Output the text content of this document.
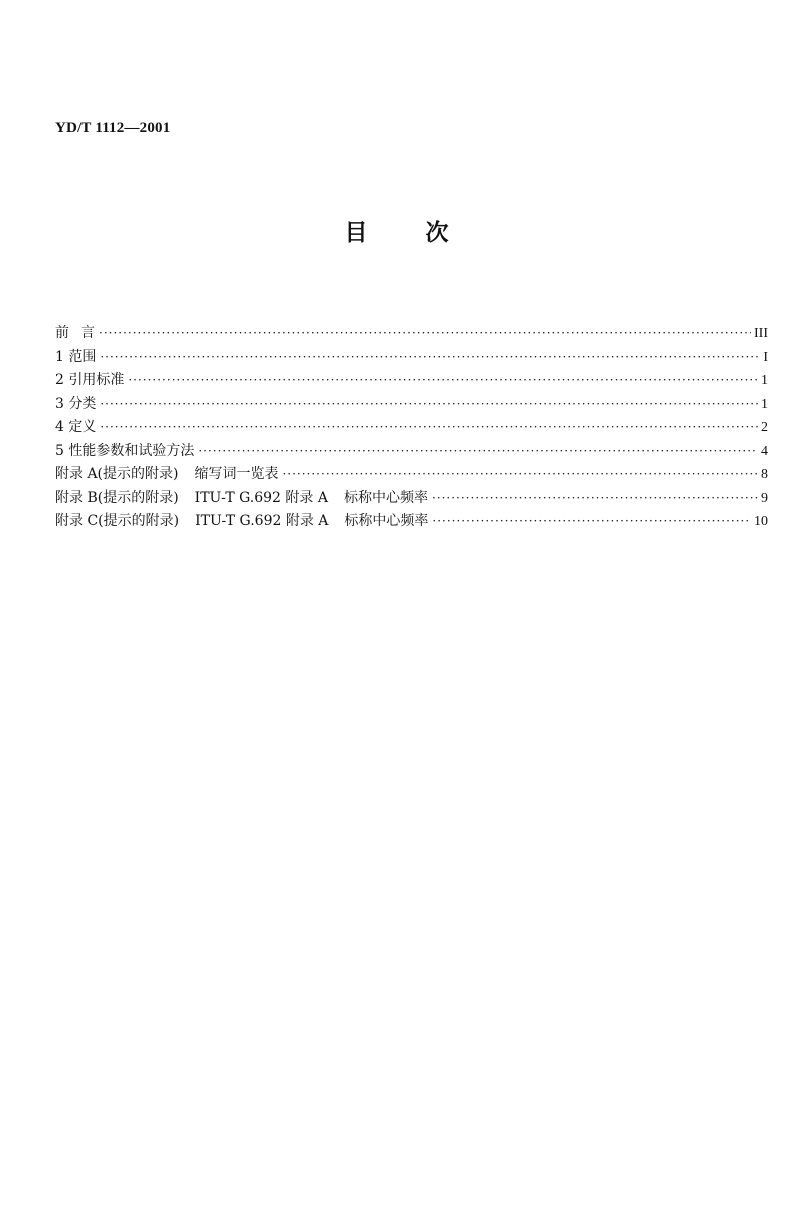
YD/T 1112—2001
目	次
前 言 ·····	III
1 范围 ·····	I
2 引用标准 ·····	1
3 分类 ·····	1
4 定义 ·····	2
5 性能参数和试验方法 ·····	4
附录 A(提示的附录) 缩写词一览表 ·····	8
附录 B(提示的附录) ITU-T G.692 附录 A 标称中心频率 ·····	9
附录 C(提示的附录) ITU-T G.692 附录 A 标称中心频率 ·····	10
